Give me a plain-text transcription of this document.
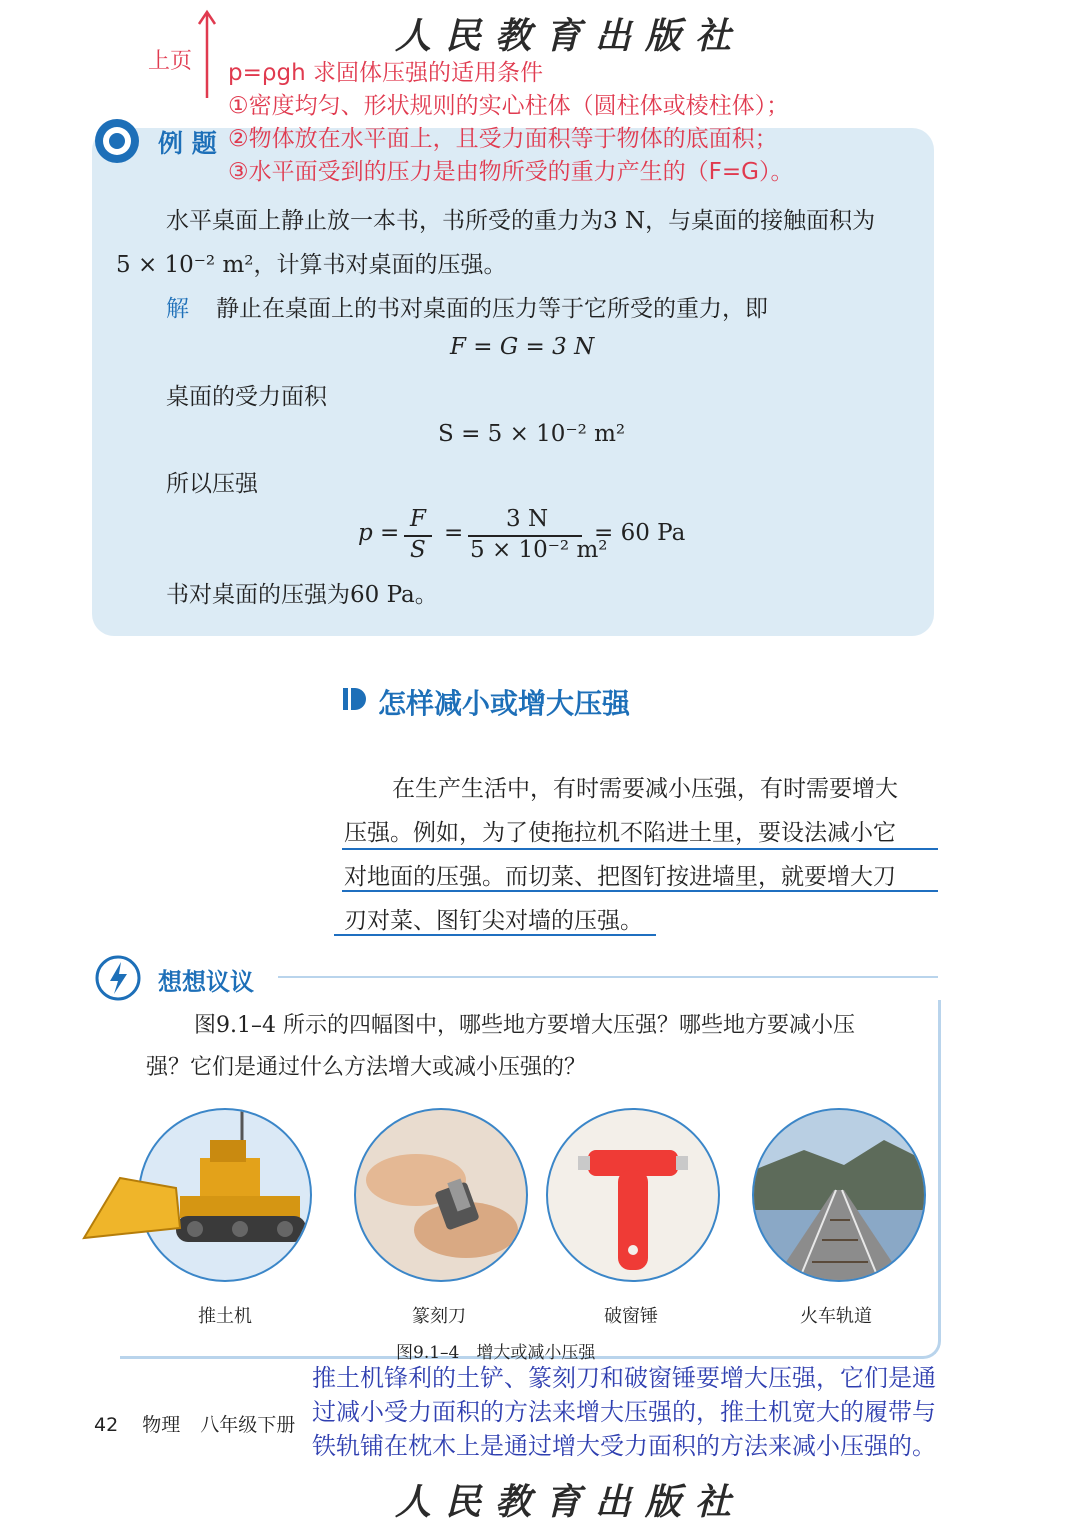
人民教育出版社
上页 p=ρgh 求固体压强的适用条件
①密度均匀、形状规则的实心柱体（圆柱体或棱柱体）；
例 题 ②物体放在水平面上，且受力面积等于物体的底面积；
③水平面受到的压力是由物所受的重力产生的（F=G）。
水平桌面上静止放一本书，书所受的重力为3 N，与桌面的接触面积为
5 × 10⁻² m²，计算书对桌面的压强。
解 静止在桌面上的书对桌面的压力等于它所受的重力，即
F = G = 3 N
桌面的受力面积
S = 5 × 10⁻² m²
所以压强
p =
F
S
=
3 N
5 × 10⁻² m²
= 60 Pa
书对桌面的压强为60 Pa。
怎样减小或增大压强
在生产生活中，有时需要减小压强，有时需要增大
压强。例如，为了使拖拉机不陷进土里，要设法减小它
对地面的压强。而切菜、把图钉按进墙里，就要增大刀
刃对菜、图钉尖对墙的压强。
想想议议
图9.1–4 所示的四幅图中，哪些地方要增大压强？哪些地方要减小压
强？它们是通过什么方法增大或减小压强的？
推土机	篆刻刀	破窗锤	火车轨道
图9.1–4　增大或减小压强
推土机锋利的土铲、篆刻刀和破窗锤要增大压强，它们是通
过减小受力面积的方法来增大压强的，推土机宽大的履带与
铁轨铺在枕木上是通过增大受力面积的方法来减小压强的。
42 物理 八年级下册
人民教育出版社
